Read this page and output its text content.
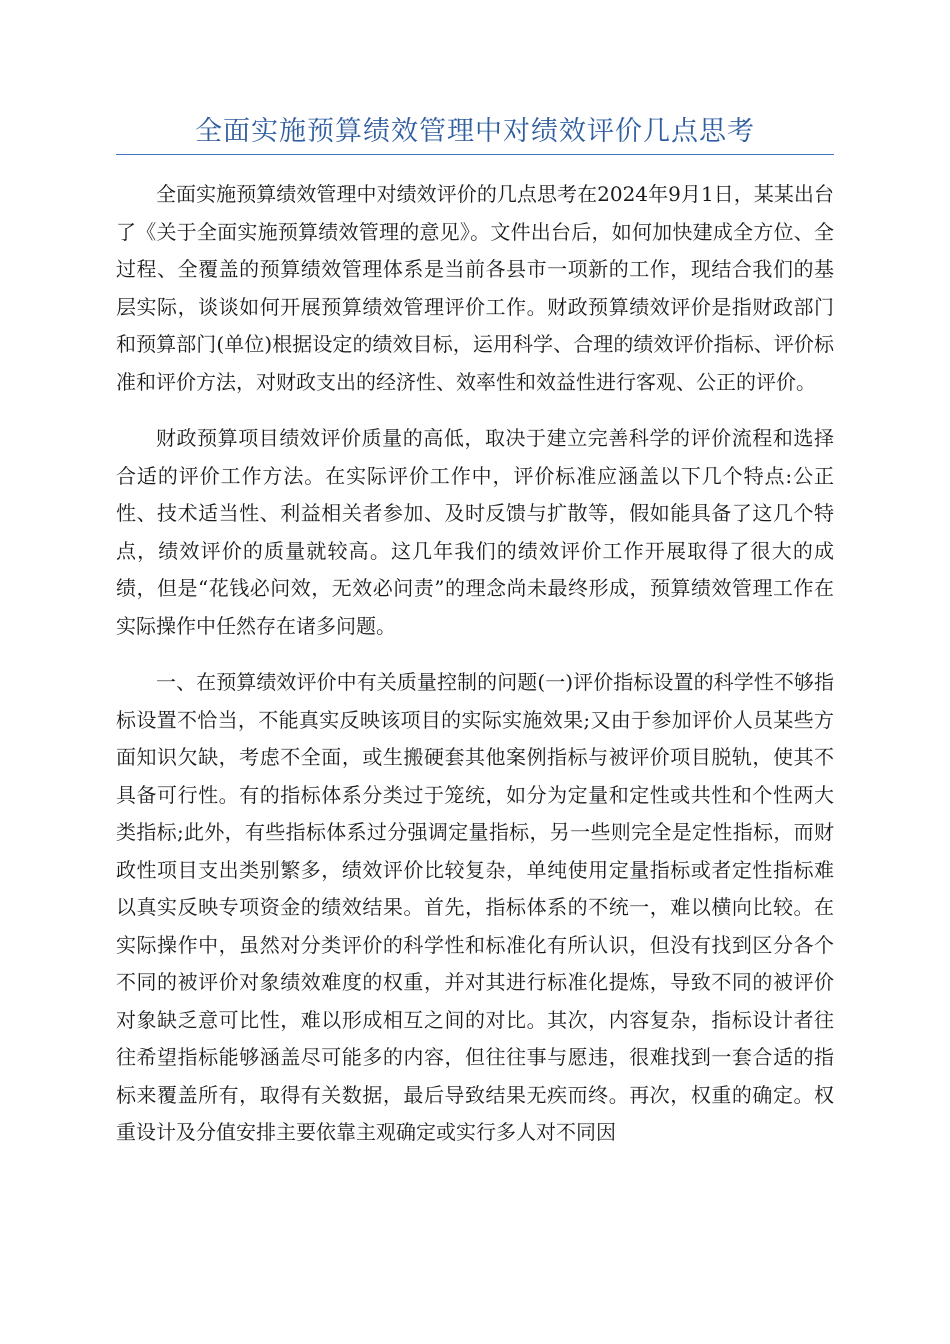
全面实施预算绩效管理中对绩效评价几点思考

全面实施预算绩效管理中对绩效评价的几点思考在2024年9月1日，某某出台了《关于全面实施预算绩效管理的意见》。文件出台后，如何加快建成全方位、全过程、全覆盖的预算绩效管理体系是当前各县市一项新的工作，现结合我们的基层实际，谈谈如何开展预算绩效管理评价工作。财政预算绩效评价是指财政部门和预算部门(单位)根据设定的绩效目标，运用科学、合理的绩效评价指标、评价标准和评价方法，对财政支出的经济性、效率性和效益性进行客观、公正的评价。

财政预算项目绩效评价质量的高低，取决于建立完善科学的评价流程和选择合适的评价工作方法。在实际评价工作中，评价标准应涵盖以下几个特点:公正性、技术适当性、利益相关者参加、及时反馈与扩散等，假如能具备了这几个特点，绩效评价的质量就较高。这几年我们的绩效评价工作开展取得了很大的成绩，但是“花钱必问效，无效必问责”的理念尚未最终形成，预算绩效管理工作在实际操作中任然存在诸多问题。

一、在预算绩效评价中有关质量控制的问题(一)评价指标设置的科学性不够指标设置不恰当，不能真实反映该项目的实际实施效果;又由于参加评价人员某些方面知识欠缺，考虑不全面，或生搬硬套其他案例指标与被评价项目脱轨，使其不具备可行性。有的指标体系分类过于笼统，如分为定量和定性或共性和个性两大类指标;此外，有些指标体系过分强调定量指标，另一些则完全是定性指标，而财政性项目支出类别繁多，绩效评价比较复杂，单纯使用定量指标或者定性指标难以真实反映专项资金的绩效结果。首先，指标体系的不统一，难以横向比较。在实际操作中，虽然对分类评价的科学性和标准化有所认识，但没有找到区分各个不同的被评价对象绩效难度的权重，并对其进行标准化提炼，导致不同的被评价对象缺乏意可比性，难以形成相互之间的对比。其次，内容复杂，指标设计者往往希望指标能够涵盖尽可能多的内容，但往往事与愿违，很难找到一套合适的指标来覆盖所有，取得有关数据，最后导致结果无疾而终。再次，权重的确定。权重设计及分值安排主要依靠主观确定或实行多人对不同因
